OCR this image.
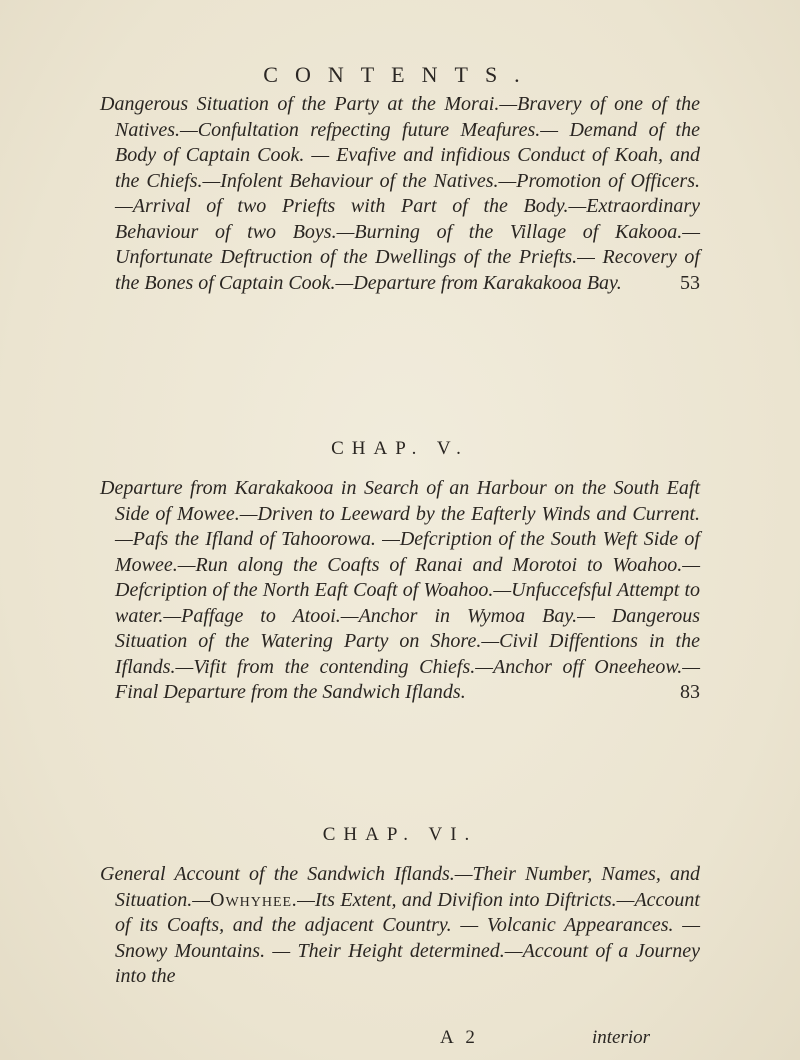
CONTENTS.

Dangerous Situation of the Party at the Morai.—Bravery of one of the Natives.—Confultation refpecting future Meafures.— Demand of the Body of Captain Cook. — Evafive and infidious Conduct of Koah, and the Chiefs.—Infolent Behaviour of the Natives.—Promotion of Officers.—Arrival of two Priefts with Part of the Body.—Extraordinary Behaviour of two Boys.—Burning of the Village of Kakooa.— Unfortunate Deftruction of the Dwellings of the Priefts.— Recovery of the Bones of Captain Cook.—Departure from Karakakooa Bay.	53

CHAP. V.

Departure from Karakakooa in Search of an Harbour on the South Eaft Side of Mowee.—Driven to Leeward by the Eafterly Winds and Current.—Pafs the Ifland of Tahoorowa. —Defcription of the South Weft Side of Mowee.—Run along the Coafts of Ranai and Morotoi to Woahoo.—Defcription of the North Eaft Coaft of Woahoo.—Unfuccefsful Attempt to water.—Paffage to Atooi.—Anchor in Wymoa Bay.— Dangerous Situation of the Watering Party on Shore.—Civil Diffentions in the Iflands.—Vifit from the contending Chiefs.—Anchor off Oneeheow.—Final Departure from the Sandwich Iflands.	83

CHAP. VI.

General Account of the Sandwich Iflands.—Their Number, Names, and Situation.—Owhyhee.—Its Extent, and Divifion into Diftricts.—Account of its Coafts, and the adjacent Country. — Volcanic Appearances. —Snowy Mountains. — Their Height determined.—Account of a Journey into the

A 2	interior
